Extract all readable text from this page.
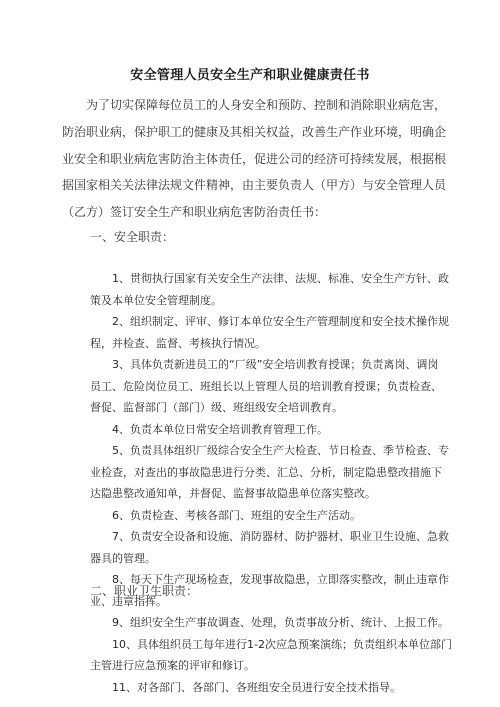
安全管理人员安全生产和职业健康责任书
为了切实保障每位员工的人身安全和预防、控制和消除职业病危害，
防治职业病，保护职工的健康及其相关权益，改善生产作业环境，明确企
业安全和职业病危害防治主体责任，促进公司的经济可持续发展，根据根
据国家相关关法律法规文件精神，由主要负责人（甲方）与安全管理人员
（乙方）签订安全生产和职业病危害防治责任书：
一、安全职责：
1、贯彻执行国家有关安全生产法律、法规、标准、安全生产方针、政
策及本单位安全管理制度。
2、组织制定、评审、修订本单位安全生产管理制度和安全技术操作规
程，并检查、监督、考核执行情况。
3、具体负责新进员工的“厂级”安全培训教育授课；负责离岗、调岗
员工、危险岗位员工、班组长以上管理人员的培训教育授课；负责检查、
督促、监督部门（部门）级、班组级安全培训教育。
4、负责本单位日常安全培训教育管理工作。
5、负责具体组织厂级综合安全生产大检查、节日检查、季节检查、专
业检查，对查出的事故隐患进行分类、汇总、分析，制定隐患整改措施下
达隐患整改通知单，并督促、监督事故隐患单位落实整改。
6、负责检查、考核各部门、班组的安全生产活动。
7、负责安全设备和设施、消防器材、防护器材、职业卫生设施、急救
器具的管理。
8、每天下生产现场检查，发现事故隐患，立即落实整改，制止违章作
业、违章指挥。
9、组织安全生产事故调查、处理，负责事故分析、统计、上报工作。
10、具体组织员工每年进行1-2次应急预案演练；负责组织本单位部门
主管进行应急预案的评审和修订。
11、对各部门、各部门、各班组安全员进行安全技术指导。
二、职业卫生职责：
